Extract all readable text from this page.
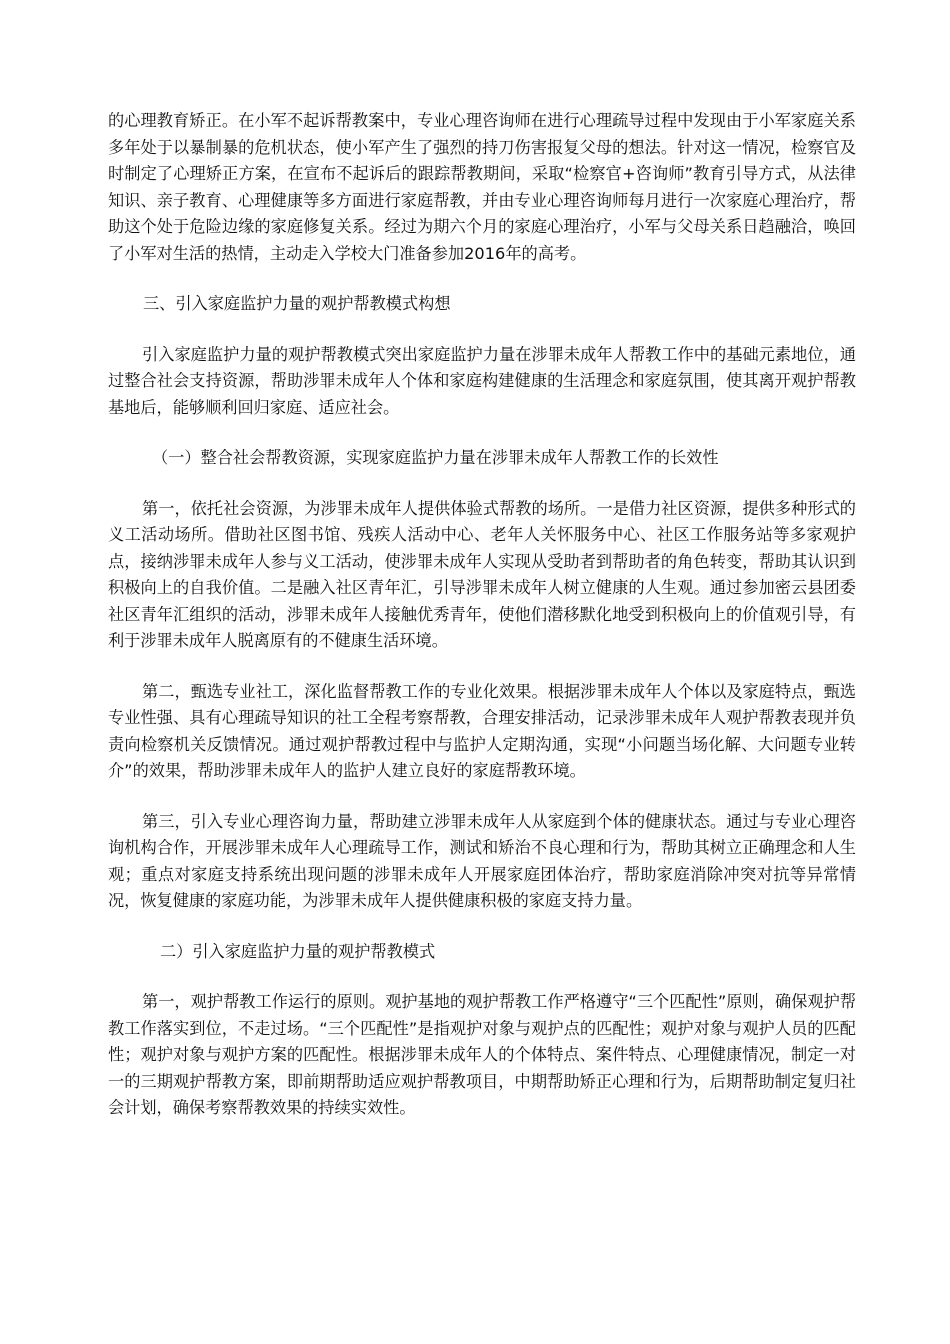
的心理教育矫正。在小军不起诉帮教案中，专业心理咨询师在进行心理疏导过程中发现由于小军家庭关系多年处于以暴制暴的危机状态，使小军产生了强烈的持刀伤害报复父母的想法。针对这一情况，检察官及时制定了心理矫正方案，在宣布不起诉后的跟踪帮教期间，采取“检察官+咨询师”教育引导方式，从法律知识、亲子教育、心理健康等多方面进行家庭帮教，并由专业心理咨询师每月进行一次家庭心理治疗，帮助这个处于危险边缘的家庭修复关系。经过为期六个月的家庭心理治疗，小军与父母关系日趋融洽，唤回了小军对生活的热情，主动走入学校大门准备参加2016年的高考。

三、引入家庭监护力量的观护帮教模式构想

引入家庭监护力量的观护帮教模式突出家庭监护力量在涉罪未成年人帮教工作中的基础元素地位，通过整合社会支持资源，帮助涉罪未成年人个体和家庭构建健康的生活理念和家庭氛围，使其离开观护帮教基地后，能够顺利回归家庭、适应社会。

（一）整合社会帮教资源，实现家庭监护力量在涉罪未成年人帮教工作的长效性

第一，依托社会资源，为涉罪未成年人提供体验式帮教的场所。一是借力社区资源，提供多种形式的义工活动场所。借助社区图书馆、残疾人活动中心、老年人关怀服务中心、社区工作服务站等多家观护点，接纳涉罪未成年人参与义工活动，使涉罪未成年人实现从受助者到帮助者的角色转变，帮助其认识到积极向上的自我价值。二是融入社区青年汇，引导涉罪未成年人树立健康的人生观。通过参加密云县团委社区青年汇组织的活动，涉罪未成年人接触优秀青年，使他们潜移默化地受到积极向上的价值观引导，有利于涉罪未成年人脱离原有的不健康生活环境。

第二，甄选专业社工，深化监督帮教工作的专业化效果。根据涉罪未成年人个体以及家庭特点，甄选专业性强、具有心理疏导知识的社工全程考察帮教，合理安排活动，记录涉罪未成年人观护帮教表现并负责向检察机关反馈情况。通过观护帮教过程中与监护人定期沟通，实现“小问题当场化解、大问题专业转介”的效果，帮助涉罪未成年人的监护人建立良好的家庭帮教环境。

第三，引入专业心理咨询力量，帮助建立涉罪未成年人从家庭到个体的健康状态。通过与专业心理咨询机构合作，开展涉罪未成年人心理疏导工作，测试和矫治不良心理和行为，帮助其树立正确理念和人生观；重点对家庭支持系统出现问题的涉罪未成年人开展家庭团体治疗，帮助家庭消除冲突对抗等异常情况，恢复健康的家庭功能，为涉罪未成年人提供健康积极的家庭支持力量。

二）引入家庭监护力量的观护帮教模式

第一，观护帮教工作运行的原则。观护基地的观护帮教工作严格遵守“三个匹配性”原则，确保观护帮教工作落实到位，不走过场。“三个匹配性”是指观护对象与观护点的匹配性；观护对象与观护人员的匹配性；观护对象与观护方案的匹配性。根据涉罪未成年人的个体特点、案件特点、心理健康情况，制定一对一的三期观护帮教方案，即前期帮助适应观护帮教项目，中期帮助矫正心理和行为，后期帮助制定复归社会计划，确保考察帮教效果的持续实效性。
